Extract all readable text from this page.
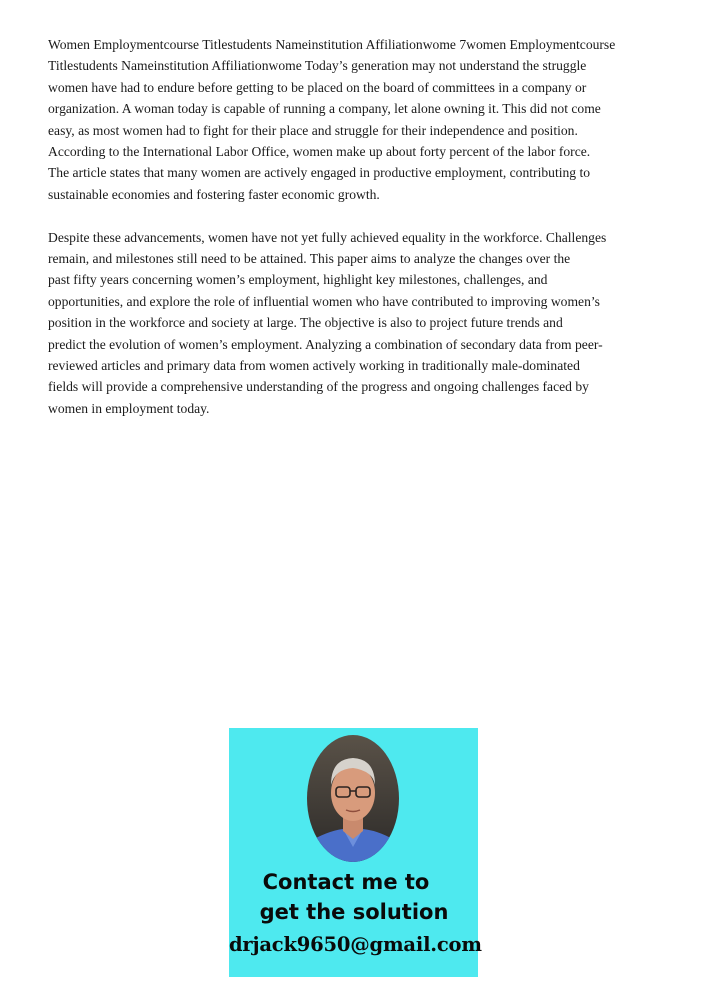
Women Employmentcourse Titlestudents Nameinstitution Affiliationwome 7women Employmentcourse
Titlestudents Nameinstitution Affiliationwome Today’s generation may not understand the struggle
women have had to endure before getting to be placed on the board of committees in a company or
organization. A woman today is capable of running a company, let alone owning it. This did not come
easy, as most women had to fight for their place and struggle for their independence and position.
According to the International Labor Office, women make up about forty percent of the labor force.
The article states that many women are actively engaged in productive employment, contributing to
sustainable economies and fostering faster economic growth.
Despite these advancements, women have not yet fully achieved equality in the workforce. Challenges
remain, and milestones still need to be attained. This paper aims to analyze the changes over the
past fifty years concerning women’s employment, highlight key milestones, challenges, and
opportunities, and explore the role of influential women who have contributed to improving women’s
position in the workforce and society at large. The objective is also to project future trends and
predict the evolution of women’s employment. Analyzing a combination of secondary data from peer-
reviewed articles and primary data from women actively working in traditionally male-dominated
fields will provide a comprehensive understanding of the progress and ongoing challenges faced by
women in employment today.
Contact me to
get the solution
drjack9650@gmail.com
